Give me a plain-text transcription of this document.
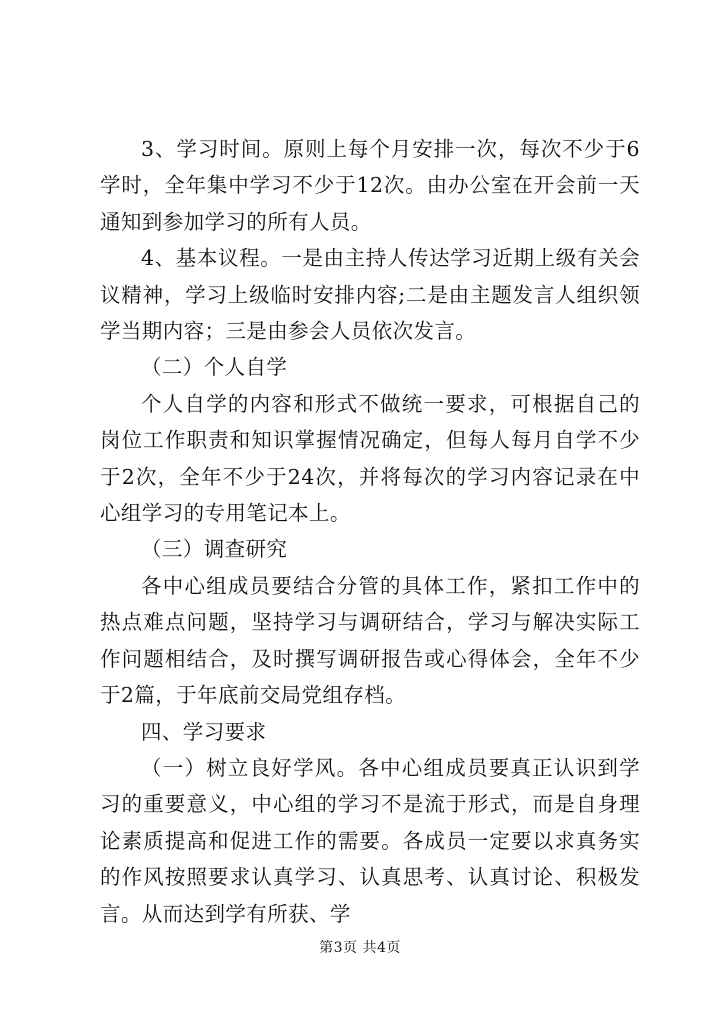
3、学习时间。原则上每个月安排一次，每次不少于6学时，全年集中学习不少于12次。由办公室在开会前一天通知到参加学习的所有人员。

4、基本议程。一是由主持人传达学习近期上级有关会议精神，学习上级临时安排内容;二是由主题发言人组织领学当期内容；三是由参会人员依次发言。

（二）个人自学

个人自学的内容和形式不做统一要求，可根据自己的岗位工作职责和知识掌握情况确定，但每人每月自学不少于2次，全年不少于24次，并将每次的学习内容记录在中心组学习的专用笔记本上。

（三）调查研究

各中心组成员要结合分管的具体工作，紧扣工作中的热点难点问题，坚持学习与调研结合，学习与解决实际工作问题相结合，及时撰写调研报告或心得体会，全年不少于2篇，于年底前交局党组存档。

四、学习要求

（一）树立良好学风。各中心组成员要真正认识到学习的重要意义，中心组的学习不是流于形式，而是自身理论素质提高和促进工作的需要。各成员一定要以求真务实的作风按照要求认真学习、认真思考、认真讨论、积极发言。从而达到学有所获、学

第3页 共4页
